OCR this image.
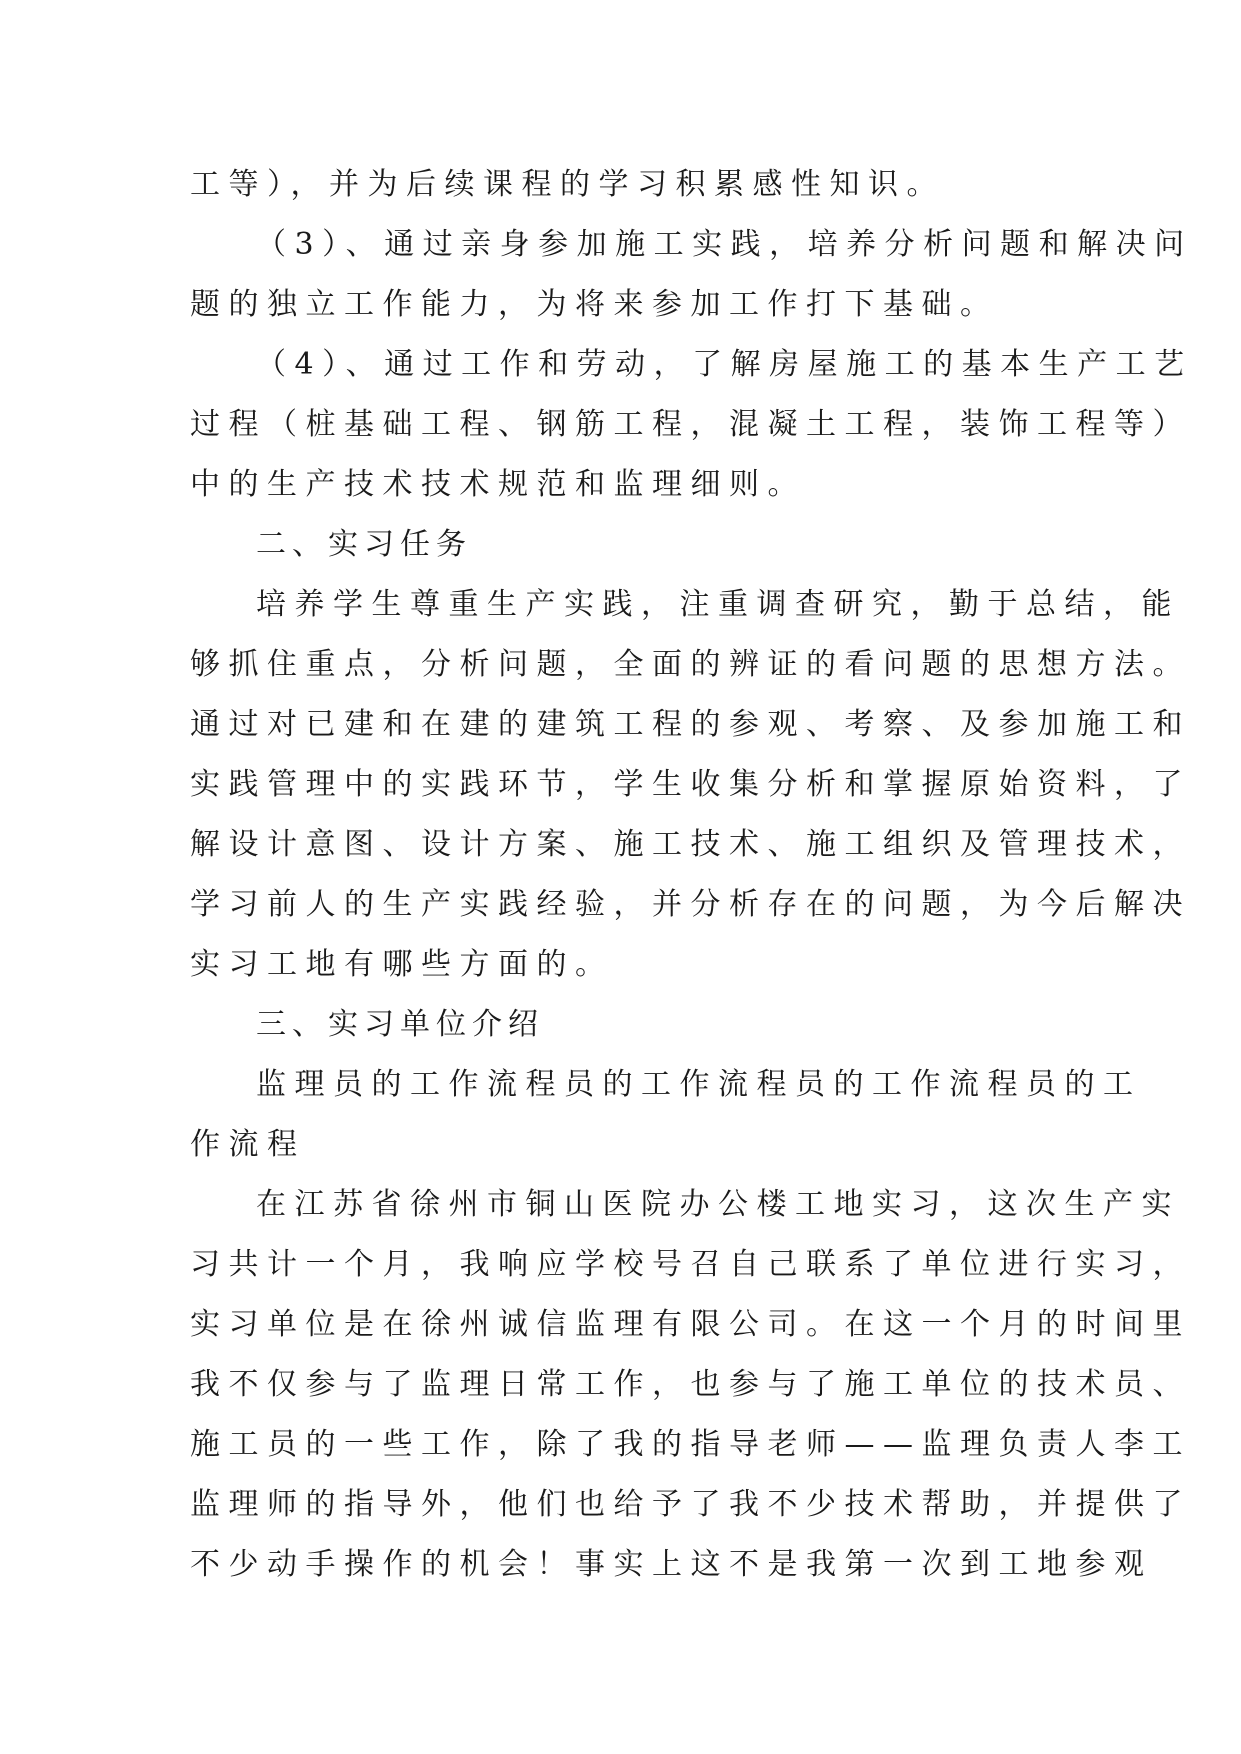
工等），并为后续课程的学习积累感性知识。
（3）、通过亲身参加施工实践，培养分析问题和解决问
题的独立工作能力，为将来参加工作打下基础。
（4）、通过工作和劳动，了解房屋施工的基本生产工艺
过程（桩基础工程、钢筋工程，混凝土工程，装饰工程等）
中的生产技术技术规范和监理细则。
二、实习任务
培养学生尊重生产实践，注重调查研究，勤于总结，能
够抓住重点，分析问题，全面的辨证的看问题的思想方法。
通过对已建和在建的建筑工程的参观、考察、及参加施工和
实践管理中的实践环节，学生收集分析和掌握原始资料，了
解设计意图、设计方案、施工技术、施工组织及管理技术，
学习前人的生产实践经验，并分析存在的问题，为今后解决
实习工地有哪些方面的。
三、实习单位介绍
监理员的工作流程员的工作流程员的工作流程员的工
作流程
在江苏省徐州市铜山医院办公楼工地实习，这次生产实
习共计一个月，我响应学校号召自己联系了单位进行实习，
实习单位是在徐州诚信监理有限公司。在这一个月的时间里
我不仅参与了监理日常工作，也参与了施工单位的技术员、
施工员的一些工作，除了我的指导老师——监理负责人李工
监理师的指导外，他们也给予了我不少技术帮助，并提供了
不少动手操作的机会！事实上这不是我第一次到工地参观
